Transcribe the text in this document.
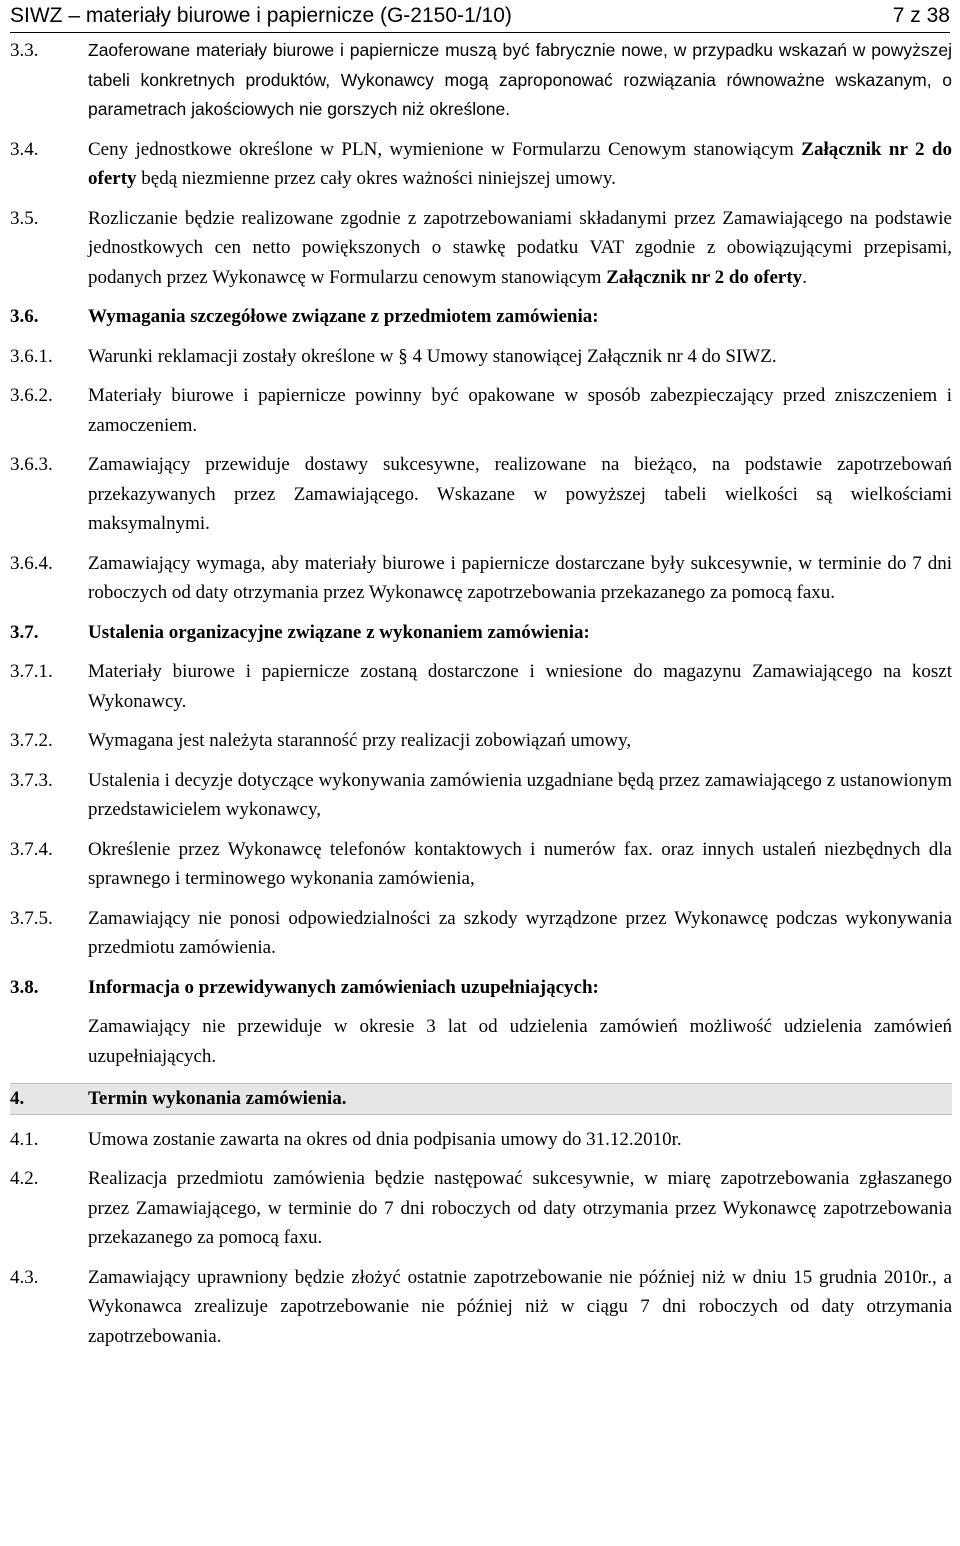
SIWZ – materiały biurowe i papiernicze (G-2150-1/10)	7 z 38
3.3.	Zaoferowane materiały biurowe i papiernicze muszą być fabrycznie nowe, w przypadku wskazań w powyższej tabeli konkretnych produktów, Wykonawcy mogą zaproponować rozwiązania równoważne wskazanym, o parametrach jakościowych nie gorszych niż określone.
3.4.	Ceny jednostkowe określone w PLN, wymienione w Formularzu Cenowym stanowiącym Załącznik nr 2 do oferty będą niezmienne przez cały okres ważności niniejszej umowy.
3.5.	Rozliczanie będzie realizowane zgodnie z zapotrzebowaniami składanymi przez Zamawiającego na podstawie jednostkowych cen netto powiększonych o stawkę podatku VAT zgodnie z obowiązującymi przepisami, podanych przez Wykonawcę w Formularzu cenowym stanowiącym Załącznik nr 2 do oferty.
3.6.	Wymagania szczegółowe związane z przedmiotem zamówienia:
3.6.1.	Warunki reklamacji zostały określone w § 4 Umowy stanowiącej Załącznik nr 4 do SIWZ.
3.6.2.	Materiały biurowe i papiernicze powinny być opakowane w sposób zabezpieczający przed zniszczeniem i zamoczeniem.
3.6.3.	Zamawiający przewiduje dostawy sukcesywne, realizowane na bieżąco, na podstawie zapotrzebowań przekazywanych przez Zamawiającego. Wskazane w powyższej tabeli wielkości są wielkościami maksymalnymi.
3.6.4.	Zamawiający wymaga, aby materiały biurowe i papiernicze dostarczane były sukcesywnie, w terminie do 7 dni roboczych od daty otrzymania przez Wykonawcę zapotrzebowania przekazanego za pomocą faxu.
3.7.	Ustalenia organizacyjne związane z wykonaniem zamówienia:
3.7.1.	Materiały biurowe i papiernicze zostaną dostarczone i wniesione do magazynu Zamawiającego na koszt Wykonawcy.
3.7.2.	Wymagana jest należyta staranność przy realizacji zobowiązań umowy,
3.7.3.	Ustalenia i decyzje dotyczące wykonywania zamówienia uzgadniane będą przez zamawiającego z ustanowionym przedstawicielem wykonawcy,
3.7.4.	Określenie przez Wykonawcę telefonów kontaktowych i numerów fax. oraz innych ustaleń niezbędnych dla sprawnego i terminowego wykonania zamówienia,
3.7.5.	Zamawiający nie ponosi odpowiedzialności za szkody wyrządzone przez Wykonawcę podczas wykonywania przedmiotu zamówienia.
3.8.	Informacja o przewidywanych zamówieniach uzupełniających:
Zamawiający nie przewiduje w okresie 3 lat od udzielenia zamówień możliwość udzielenia zamówień uzupełniających.
4.	Termin wykonania zamówienia.
4.1.	Umowa zostanie zawarta na okres od dnia podpisania umowy do 31.12.2010r.
4.2.	Realizacja przedmiotu zamówienia będzie następować sukcesywnie, w miarę zapotrzebowania zgłaszanego przez Zamawiającego, w terminie do 7 dni roboczych od daty otrzymania przez Wykonawcę zapotrzebowania przekazanego za pomocą faxu.
4.3.	Zamawiający uprawniony będzie złożyć ostatnie zapotrzebowanie nie później niż w dniu 15 grudnia 2010r., a Wykonawca zrealizuje zapotrzebowanie nie później niż w ciągu 7 dni roboczych od daty otrzymania zapotrzebowania.
